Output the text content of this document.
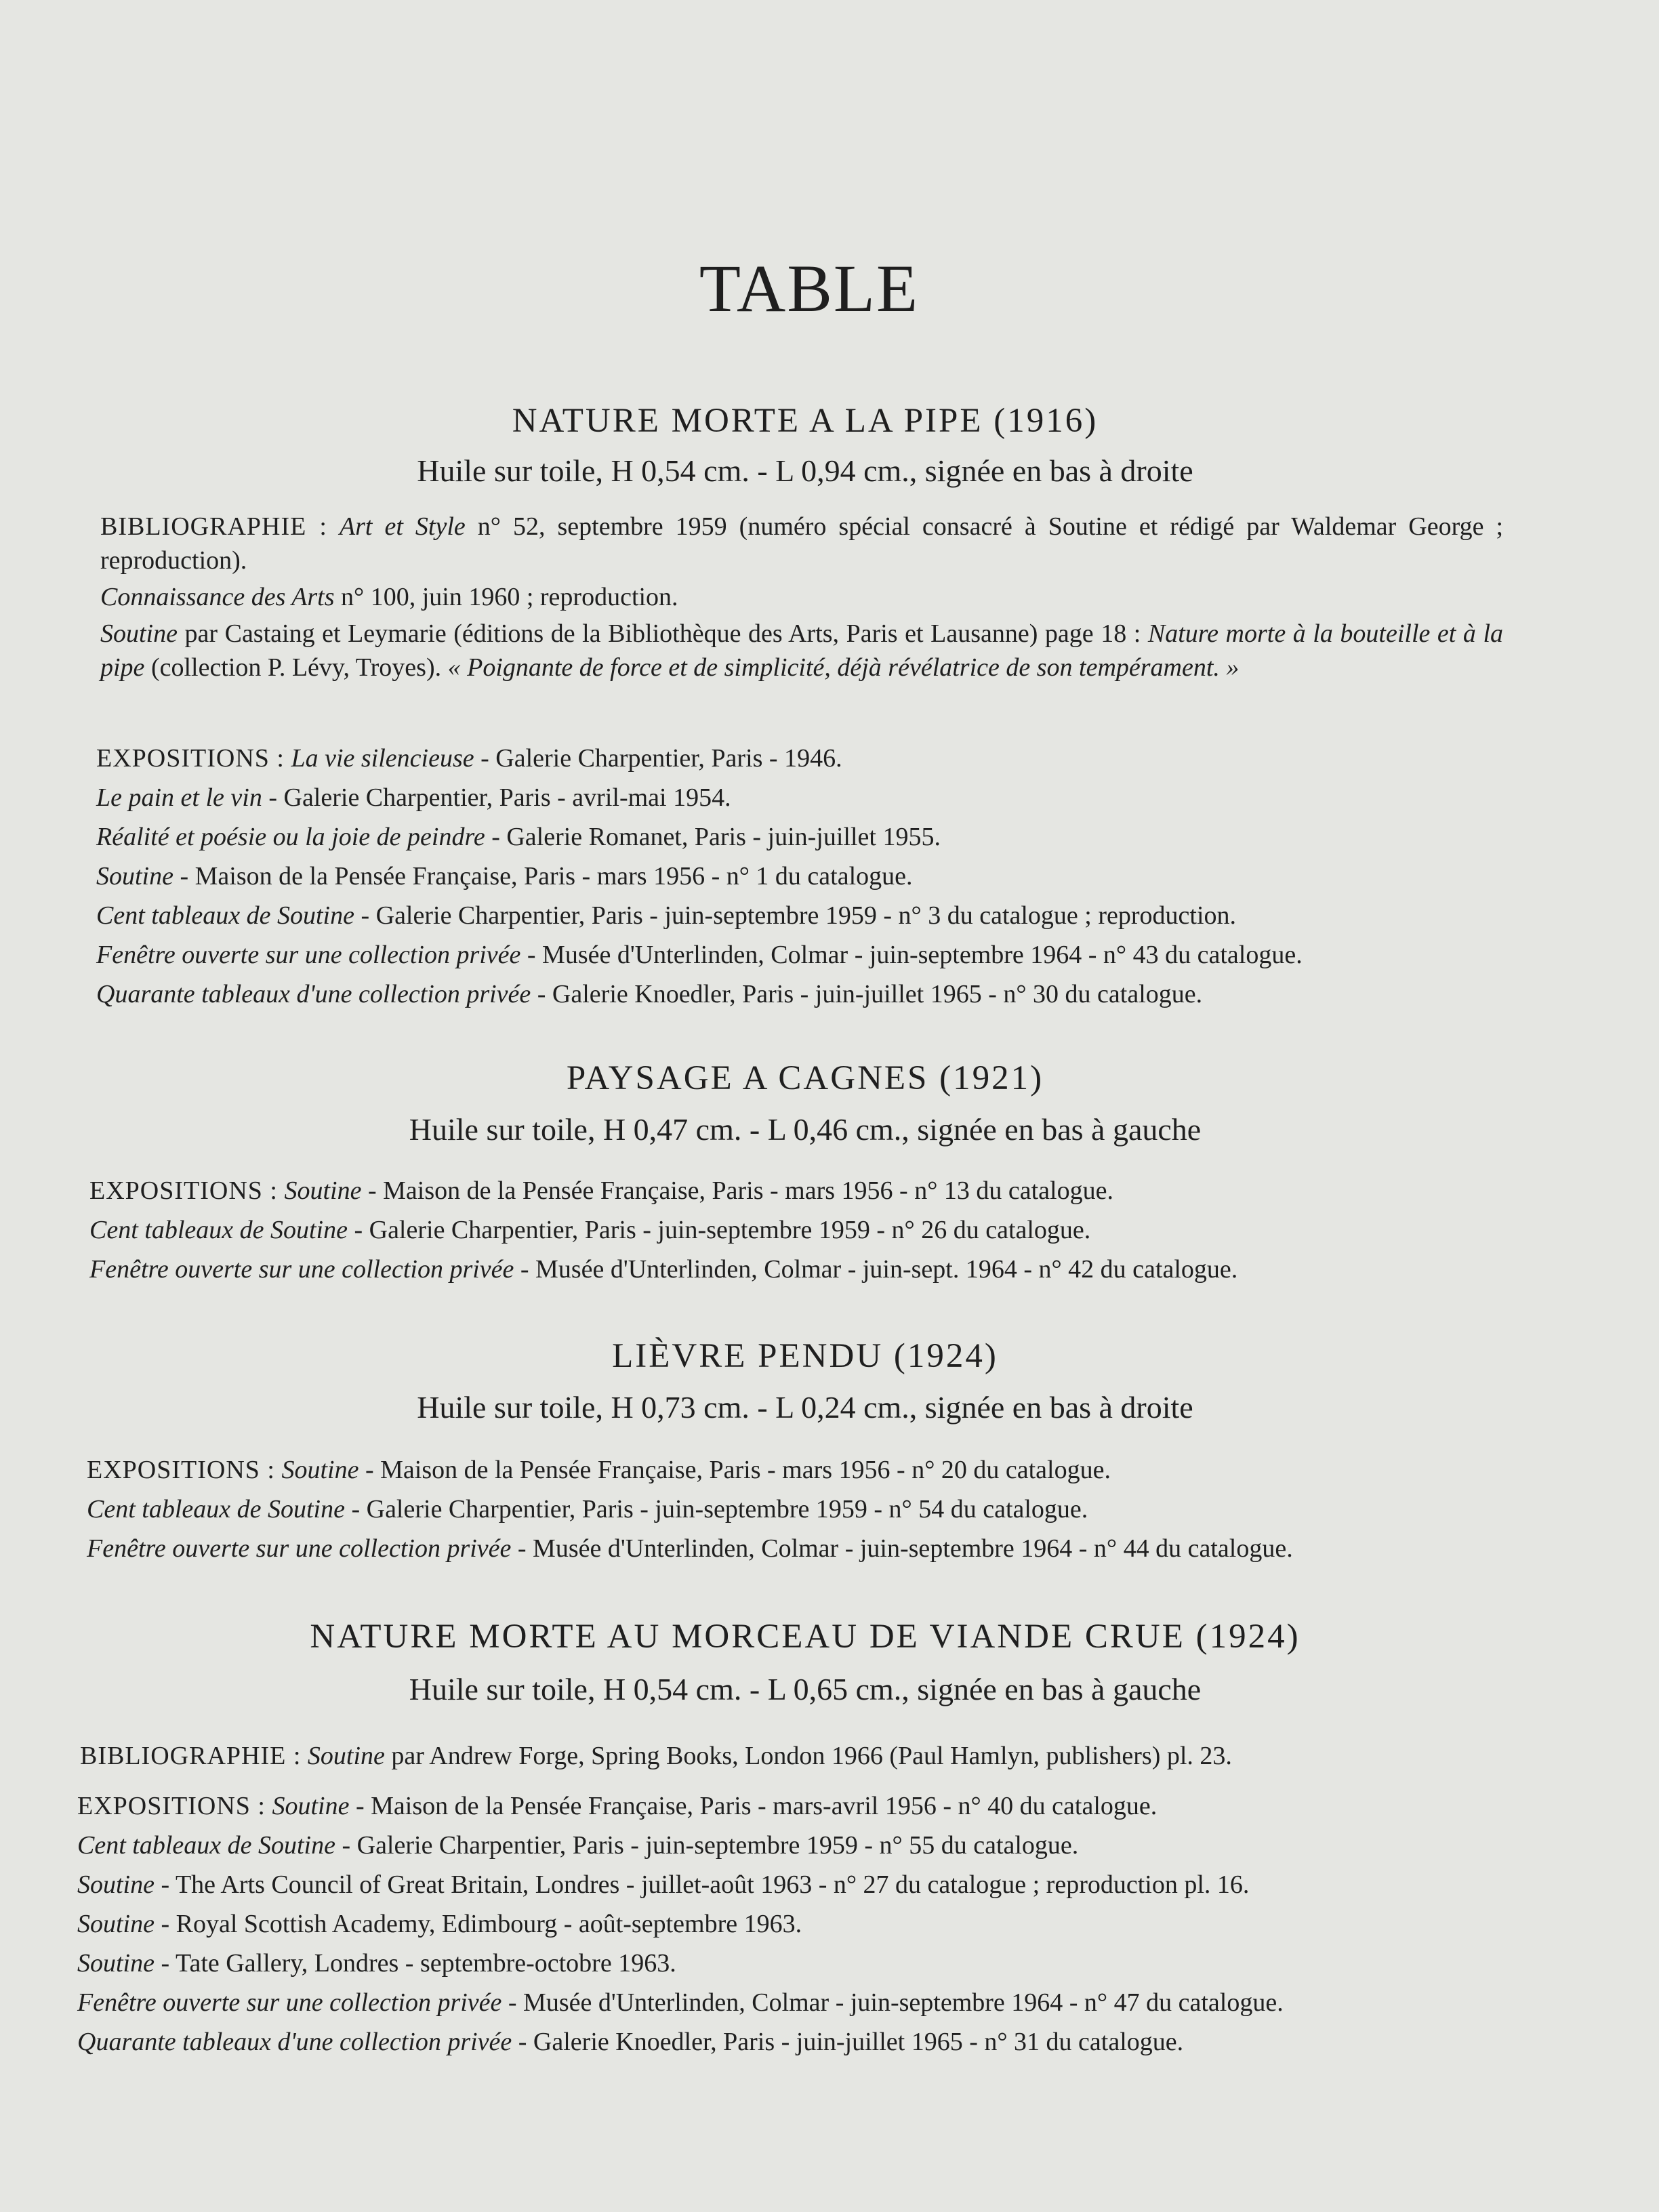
TABLE
NATURE MORTE A LA PIPE (1916)
Huile sur toile, H 0,54 cm. - L 0,94 cm., signée en bas à droite
BIBLIOGRAPHIE : Art et Style n° 52, septembre 1959 (numéro spécial consacré à Soutine et rédigé par Waldemar George ; reproduction).
Connaissance des Arts n° 100, juin 1960 ; reproduction.
Soutine par Castaing et Leymarie (éditions de la Bibliothèque des Arts, Paris et Lausanne) page 18 : Nature morte à la bouteille et à la pipe (collection P. Lévy, Troyes). « Poignante de force et de simplicité, déjà révélatrice de son tempérament. »
EXPOSITIONS : La vie silencieuse - Galerie Charpentier, Paris - 1946.
Le pain et le vin - Galerie Charpentier, Paris - avril-mai 1954.
Réalité et poésie ou la joie de peindre - Galerie Romanet, Paris - juin-juillet 1955.
Soutine - Maison de la Pensée Française, Paris - mars 1956 - n° 1 du catalogue.
Cent tableaux de Soutine - Galerie Charpentier, Paris - juin-septembre 1959 - n° 3 du catalogue ; reproduction.
Fenêtre ouverte sur une collection privée - Musée d'Unterlinden, Colmar - juin-septembre 1964 - n° 43 du catalogue.
Quarante tableaux d'une collection privée - Galerie Knoedler, Paris - juin-juillet 1965 - n° 30 du catalogue.
PAYSAGE A CAGNES (1921)
Huile sur toile, H 0,47 cm. - L 0,46 cm., signée en bas à gauche
EXPOSITIONS : Soutine - Maison de la Pensée Française, Paris - mars 1956 - n° 13 du catalogue.
Cent tableaux de Soutine - Galerie Charpentier, Paris - juin-septembre 1959 - n° 26 du catalogue.
Fenêtre ouverte sur une collection privée - Musée d'Unterlinden, Colmar - juin-sept. 1964 - n° 42 du catalogue.
LIÈVRE PENDU (1924)
Huile sur toile, H 0,73 cm. - L 0,24 cm., signée en bas à droite
EXPOSITIONS : Soutine - Maison de la Pensée Française, Paris - mars 1956 - n° 20 du catalogue.
Cent tableaux de Soutine - Galerie Charpentier, Paris - juin-septembre 1959 - n° 54 du catalogue.
Fenêtre ouverte sur une collection privée - Musée d'Unterlinden, Colmar - juin-septembre 1964 - n° 44 du catalogue.
NATURE MORTE AU MORCEAU DE VIANDE CRUE (1924)
Huile sur toile, H 0,54 cm. - L 0,65 cm., signée en bas à gauche
BIBLIOGRAPHIE : Soutine par Andrew Forge, Spring Books, London 1966 (Paul Hamlyn, publishers) pl. 23.
EXPOSITIONS : Soutine - Maison de la Pensée Française, Paris - mars-avril 1956 - n° 40 du catalogue.
Cent tableaux de Soutine - Galerie Charpentier, Paris - juin-septembre 1959 - n° 55 du catalogue.
Soutine - The Arts Council of Great Britain, Londres - juillet-août 1963 - n° 27 du catalogue ; reproduction pl. 16.
Soutine - Royal Scottish Academy, Edimbourg - août-septembre 1963.
Soutine - Tate Gallery, Londres - septembre-octobre 1963.
Fenêtre ouverte sur une collection privée - Musée d'Unterlinden, Colmar - juin-septembre 1964 - n° 47 du catalogue.
Quarante tableaux d'une collection privée - Galerie Knoedler, Paris - juin-juillet 1965 - n° 31 du catalogue.
